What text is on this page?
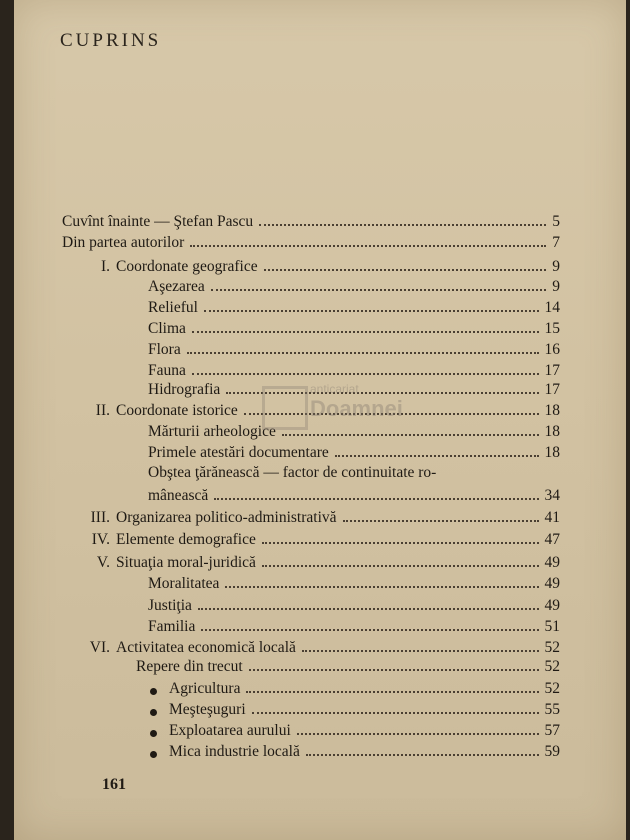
CUPRINS
Cuvînt înainte — Ştefan Pascu	5
Din partea autorilor	7
I. Coordonate geografice	9
Aşezarea	9
Relieful	14
Clima	15
Flora	16
Fauna	17
Hidrografia	17
II. Coordonate istorice	18
Mărturii arheologice	18
Primele atestări documentare	18
Obştea ţărănească — factor de continuitate ro-
mânească	34
III. Organizarea politico-administrativă	41
IV. Elemente demografice	47
V. Situaţia moral-juridică	49
Moralitatea	49
Justiţia	49
Familia	51
VI. Activitatea economică locală	52
Repere din trecut	52
Agricultura	52
Meşteşuguri	55
Exploatarea aurului	57
Mica industrie locală	59
anticariat
Doamnei
161
